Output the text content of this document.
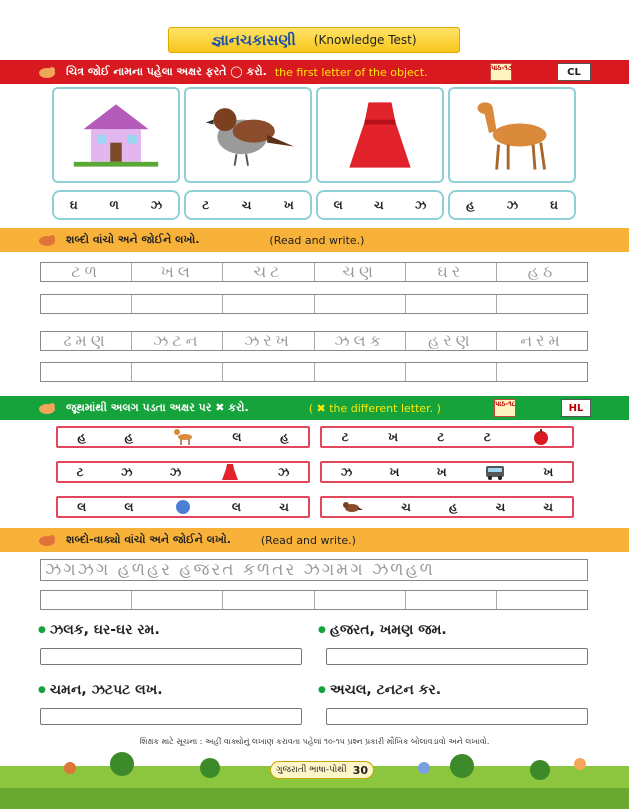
જ્ઞાનચકાસણી (Knowledge Test)
ચિત્ર જોઈ નામના પહેલા અક્ષર ફરતે ◯ કરો. the first letter of the object.	પાઠ-૧૭	CL
ઘ	ળ	ઝ	ટ	ચ	ખ	લ	ચ	ઝ	હ	ઝ	ઘ
શબ્દો વાંચો અને જોઈને લખો.	(Read and write.)
ટળ	ખલ	ચટ	ચણ	ઘર	હઠ
ઢમણ	ઝટન	ઝરખ	ઝલક	હરણ	નરમ
જૂથમાંથી અલગ પડતા અક્ષર પર ✖ કરો.	( ✖ the different letter. )	પાઠ-૧૮	HL
હ	હ	લ	હ
ટ	ઝ	ઝ	ઝ
લ	લ	લ	ચ
ટ	ખ	ટ	ટ
ઝ	ખ	ખ	ખ
ચ	હ	ચ	ચ
શબ્દો-વાક્યો વાંચો અને જોઈને લખો.	(Read and write.)
ઝગઝગ હળહર હજરત કળતર ઝગમગ ઝળહળ
● ઝલક, ઘર-ઘર રમ.	● હજરત, ખમણ જમ.
● ચમન, ઝટપટ લખ.	● અચલ, ટનટન કર.
શિક્ષક માટે સૂચના : અહીં વાક્યોનું લખાણ કરાવતા પહેલાં ૧૦-૧૫ પ્રશ્ન પ્રકારી મૌખિક બોલાવડાવો અને લખાવો.
ગુજરાતી ભાષા-પોથી 30
